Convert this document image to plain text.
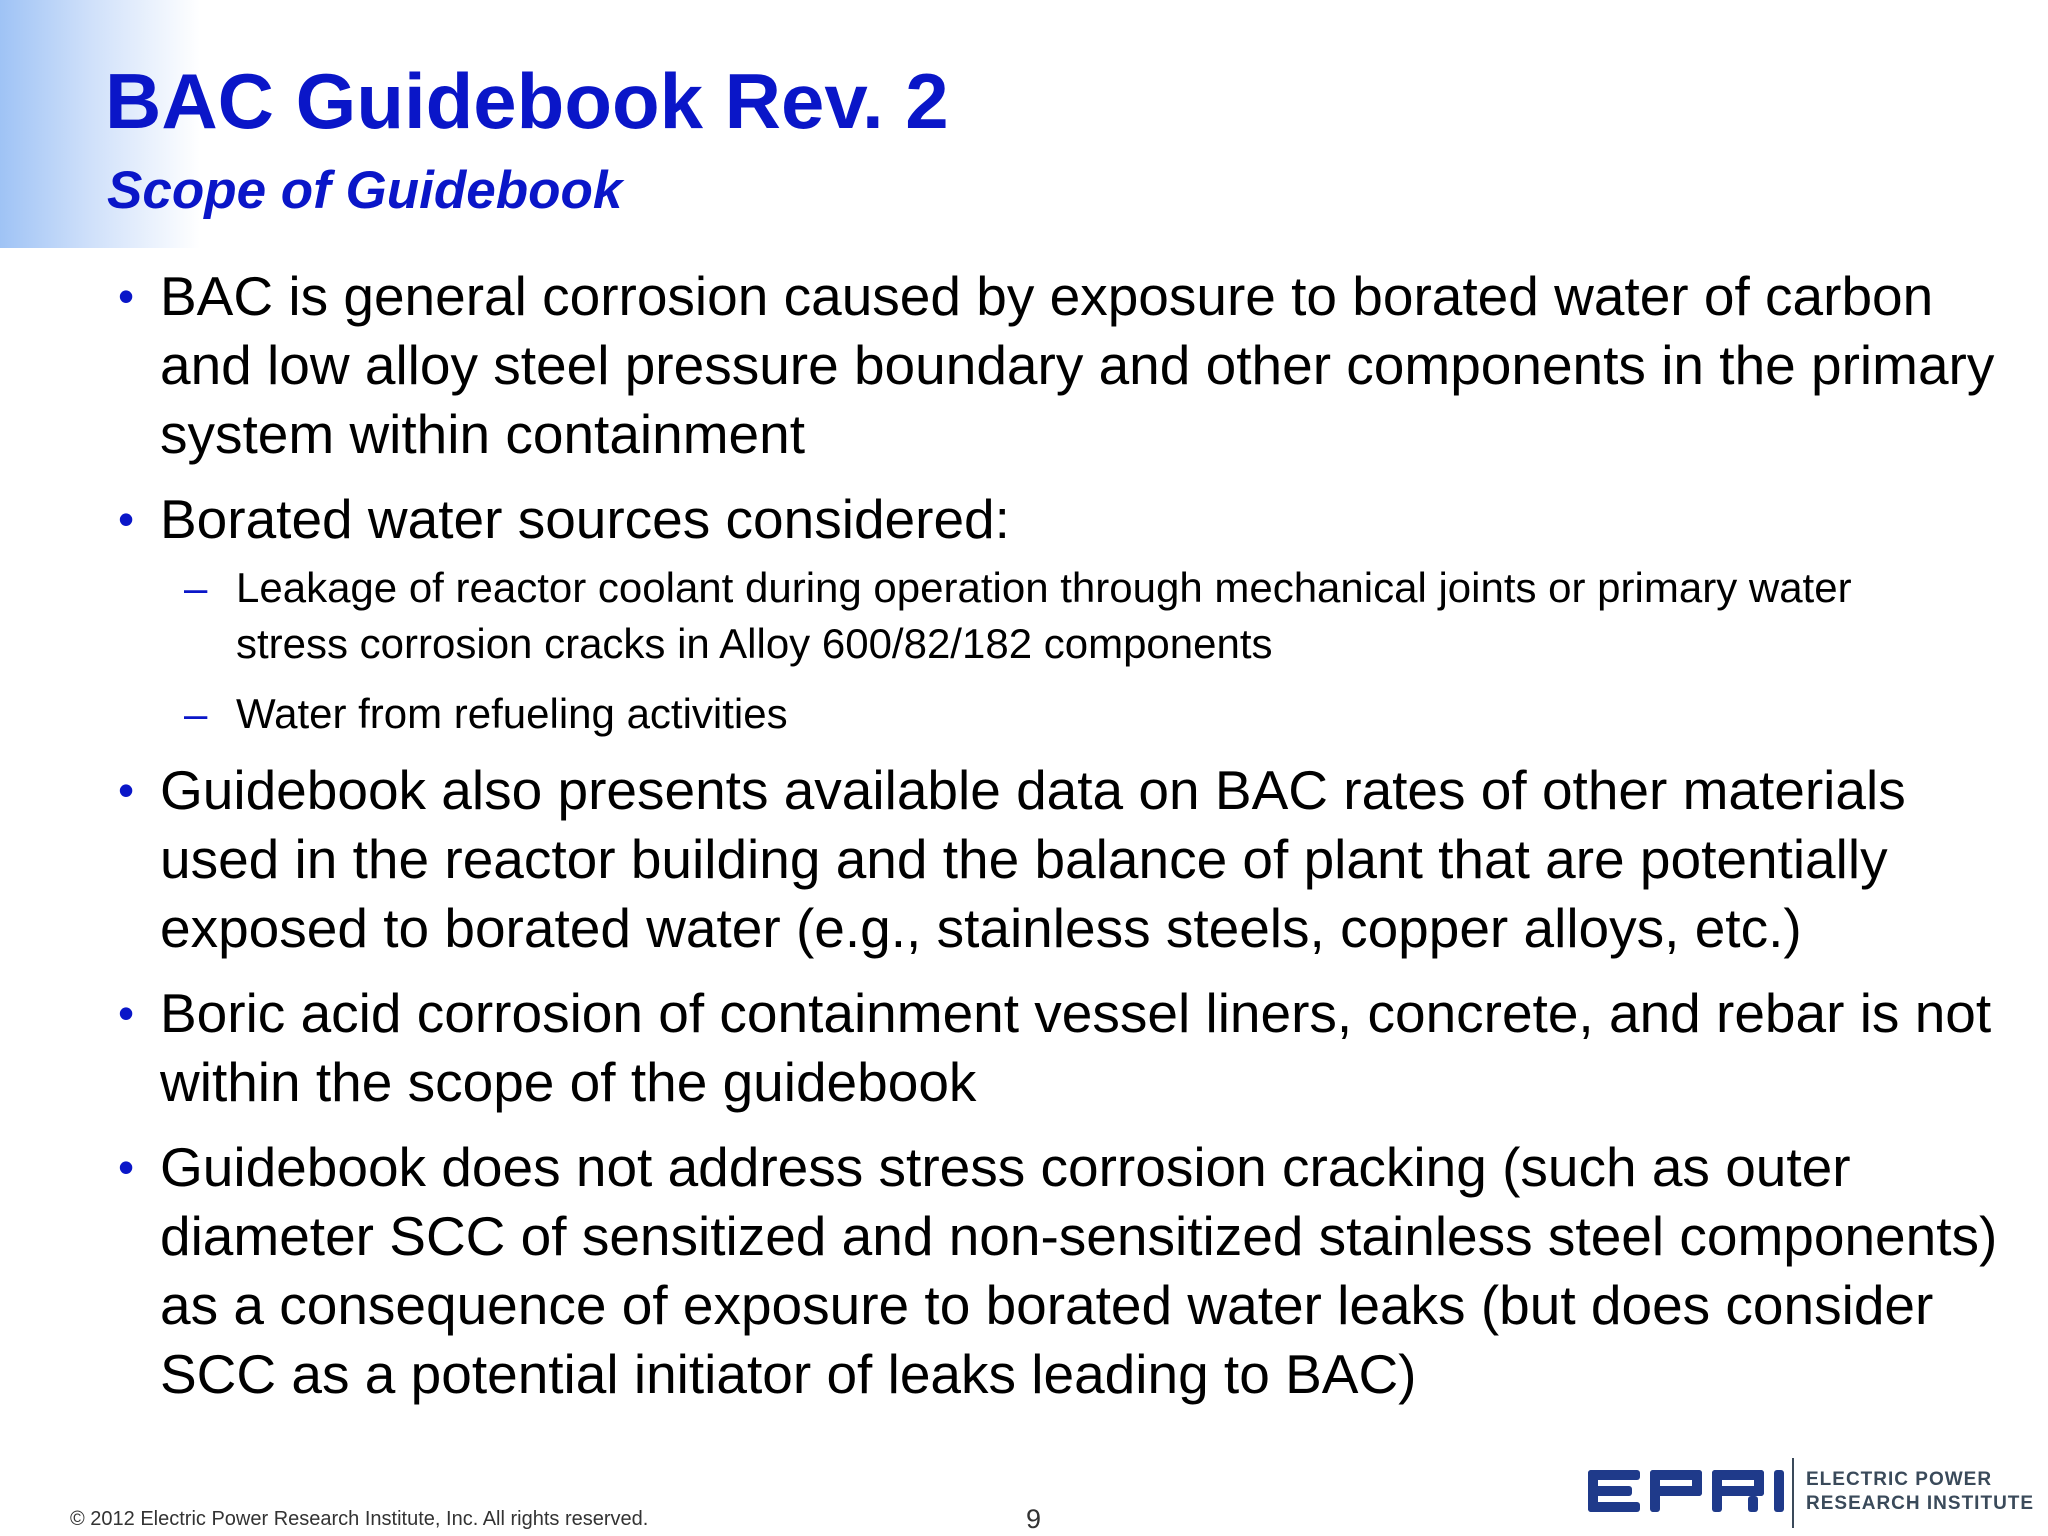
BAC Guidebook Rev. 2
Scope of Guidebook
• BAC is general corrosion caused by exposure to borated water of carbon and low alloy steel pressure boundary and other components in the primary system within containment
• Borated water sources considered:
– Leakage of reactor coolant during operation through mechanical joints or primary water stress corrosion cracks in Alloy 600/82/182 components
– Water from refueling activities
• Guidebook also presents available data on BAC rates of other materials used in the reactor building and the balance of plant that are potentially exposed to borated water (e.g., stainless steels, copper alloys, etc.)
• Boric acid corrosion of containment vessel liners, concrete, and rebar is not within the scope of the guidebook
• Guidebook does not address stress corrosion cracking (such as outer diameter SCC of sensitized and non-sensitized stainless steel components) as a consequence of exposure to borated water leaks (but does consider SCC as a potential initiator of leaks leading to BAC)
© 2012 Electric Power Research Institute, Inc. All rights reserved.	9
ELECTRIC POWER
RESEARCH INSTITUTE
